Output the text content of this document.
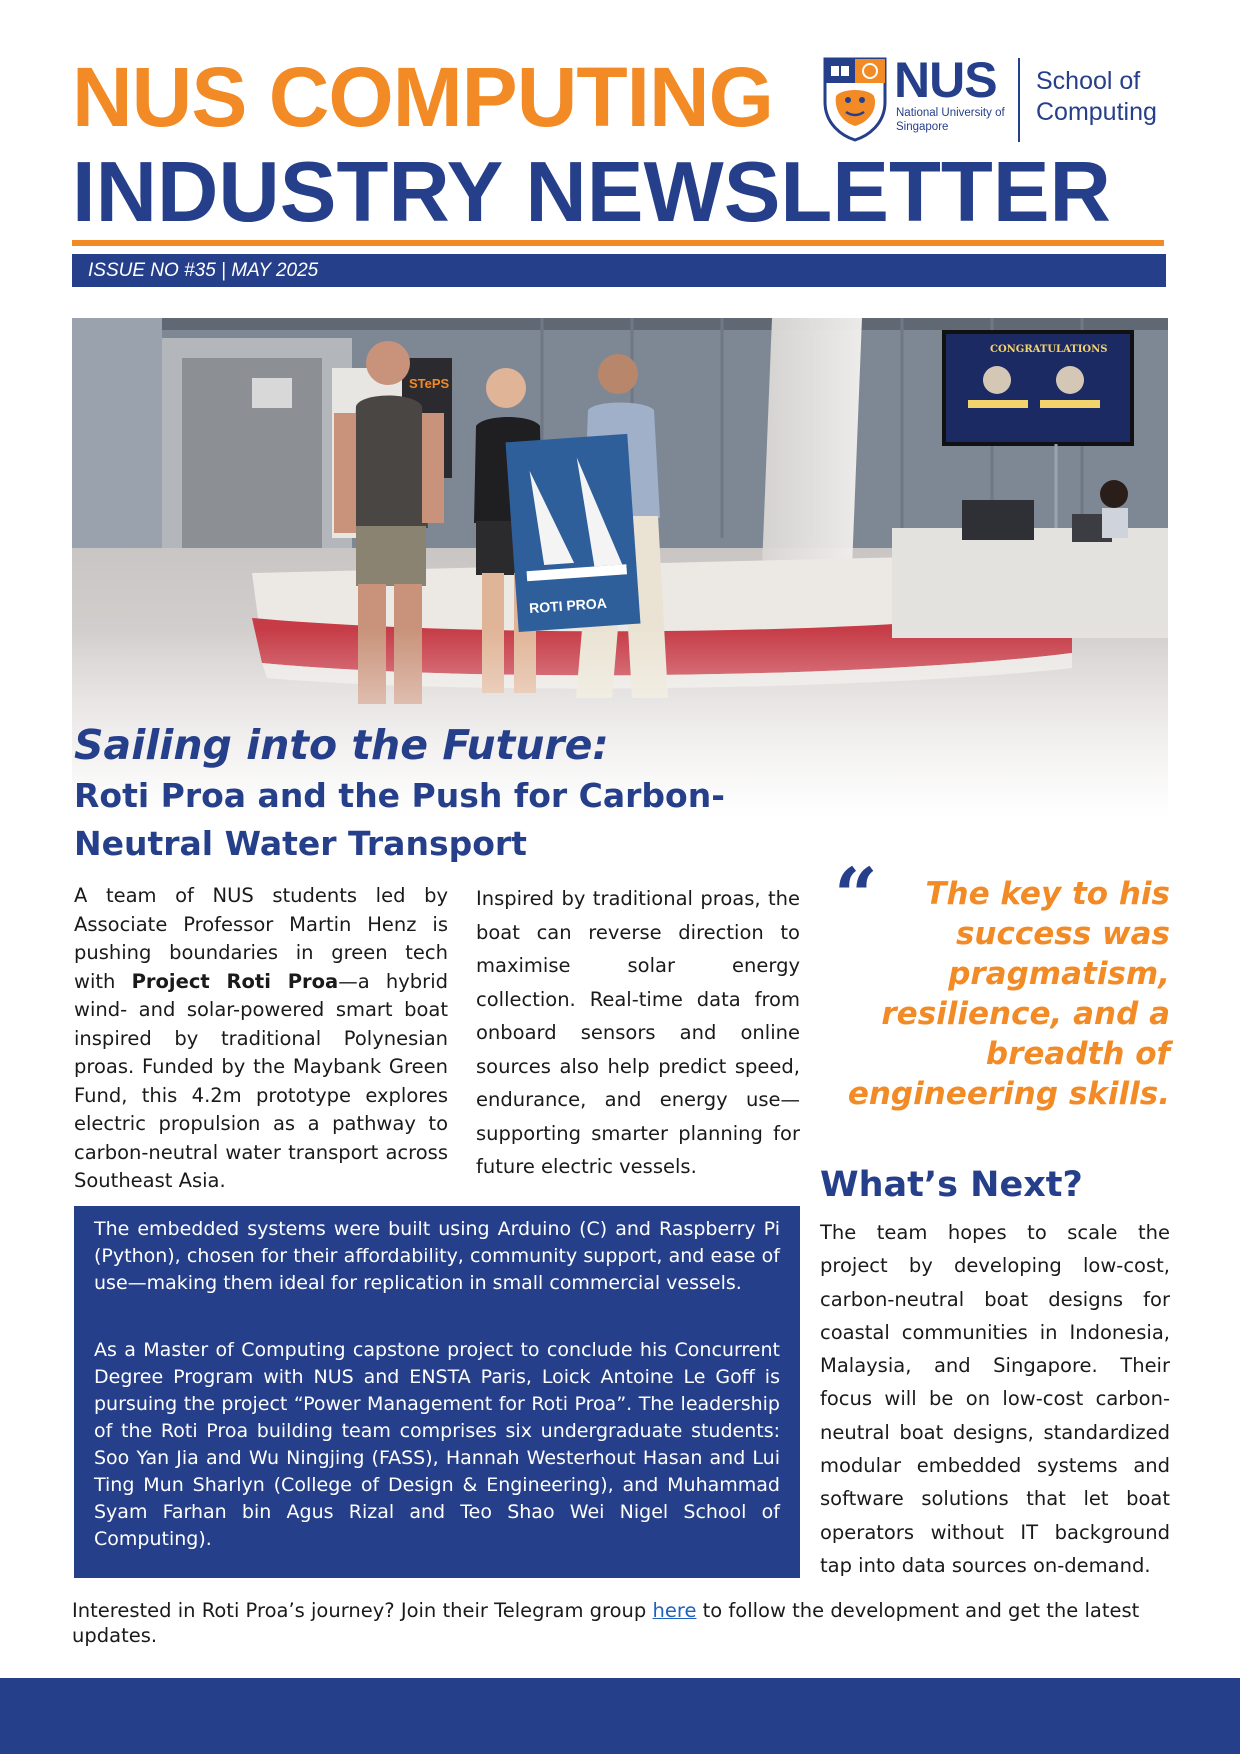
NUS COMPUTING
INDUSTRY NEWSLETTER
NUS
National University of Singapore
School of Computing
ISSUE NO #35 | MAY 2025
Sailing into the Future:
Roti Proa and the Push for Carbon-Neutral Water Transport
A team of NUS students led by Associate Professor Martin Henz is pushing boundaries in green tech with Project Roti Proa—a hybrid wind- and solar-powered smart boat inspired by traditional Polynesian proas. Funded by the Maybank Green Fund, this 4.2m prototype explores electric propulsion as a pathway to carbon-neutral water transport across Southeast Asia.
Inspired by traditional proas, the boat can reverse direction to maximise solar energy collection. Real-time data from onboard sensors and online sources also help predict speed, endurance, and energy use—supporting smarter planning for future electric vessels.
“	The key to his success was pragmatism, resilience, and a breadth of engineering skills.
What’s Next?
The team hopes to scale the project by developing low-cost, carbon-neutral boat designs for coastal communities in Indonesia, Malaysia, and Singapore. Their focus will be on low-cost carbon-neutral boat designs, standardized modular embedded systems and software solutions that let boat operators without IT background tap into data sources on-demand.

The embedded systems were built using Arduino (C) and Raspberry Pi (Python), chosen for their affordability, community support, and ease of use—making them ideal for replication in small commercial vessels.

As a Master of Computing capstone project to conclude his Concurrent Degree Program with NUS and ENSTA Paris, Loick Antoine Le Goff is pursuing the project “Power Management for Roti Proa”. The leadership of the Roti Proa building team comprises six undergraduate students: Soo Yan Jia and Wu Ningjing (FASS), Hannah Westerhout Hasan and Lui Ting Mun Sharlyn (College of Design & Engineering), and Muhammad Syam Farhan bin Agus Rizal and Teo Shao Wei Nigel School of Computing).

Interested in Roti Proa’s journey? Join their Telegram group here to follow the development and get the latest updates.
